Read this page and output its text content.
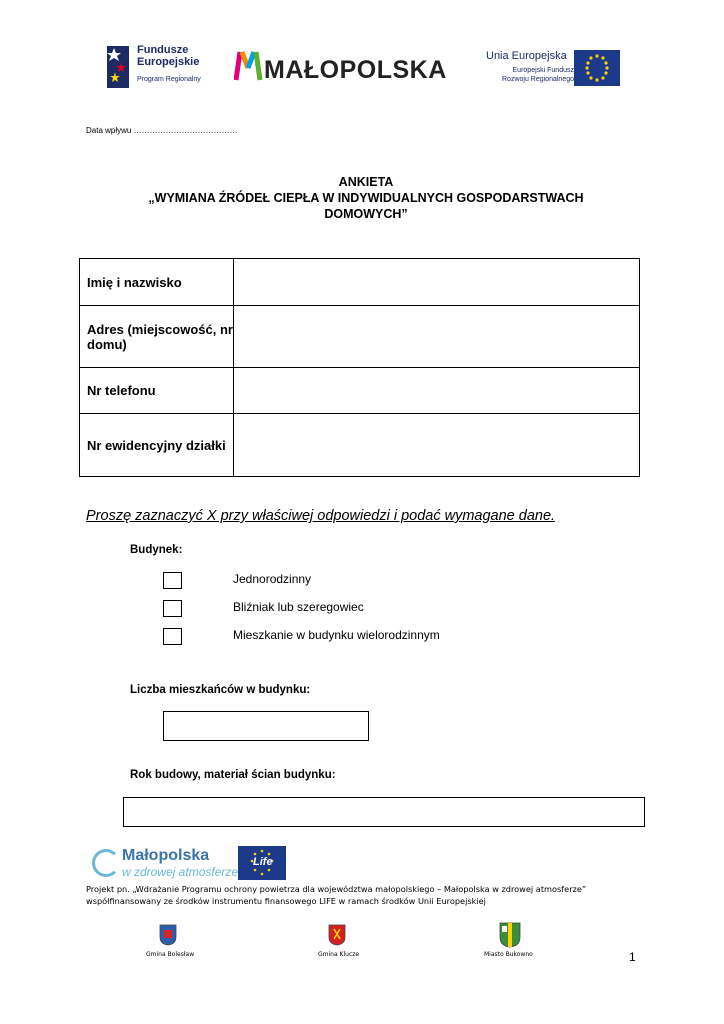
Fundusze
Europejskie
Program Regionalny	MAŁOPOLSKA	Unia Europejska
Europejski Fundusz
Rozwoju Regionalnego
Data wpływu …………………………………
ANKIETA
„WYMIANA ŹRÓDEŁ CIEPŁA W INDYWIDUALNYCH GOSPODARSTWACH
DOMOWYCH”
Imię i nazwisko	
Adres (miejscowość, nr domu)	
Nr telefonu	
Nr ewidencyjny działki	
Proszę zaznaczyć X przy właściwej odpowiedzi i podać wymagane dane.
Budynek:
Jednorodzinny
Bliźniak lub szeregowiec
Mieszkanie w budynku wielorodzinnym
Liczba mieszkańców w budynku:
Rok budowy, materiał ścian budynku:
Małopolska
w zdrowej atmosferze
Life
Projekt pn. „Wdrażanie Programu ochrony powietrza dla województwa małopolskiego – Małopolska w zdrowej atmosferze”
współfinansowany ze środków instrumentu finansowego LIFE w ramach środków Unii Europejskiej
Gmina Bolesław	Gmina Klucze	Miasto Bukowno	1
